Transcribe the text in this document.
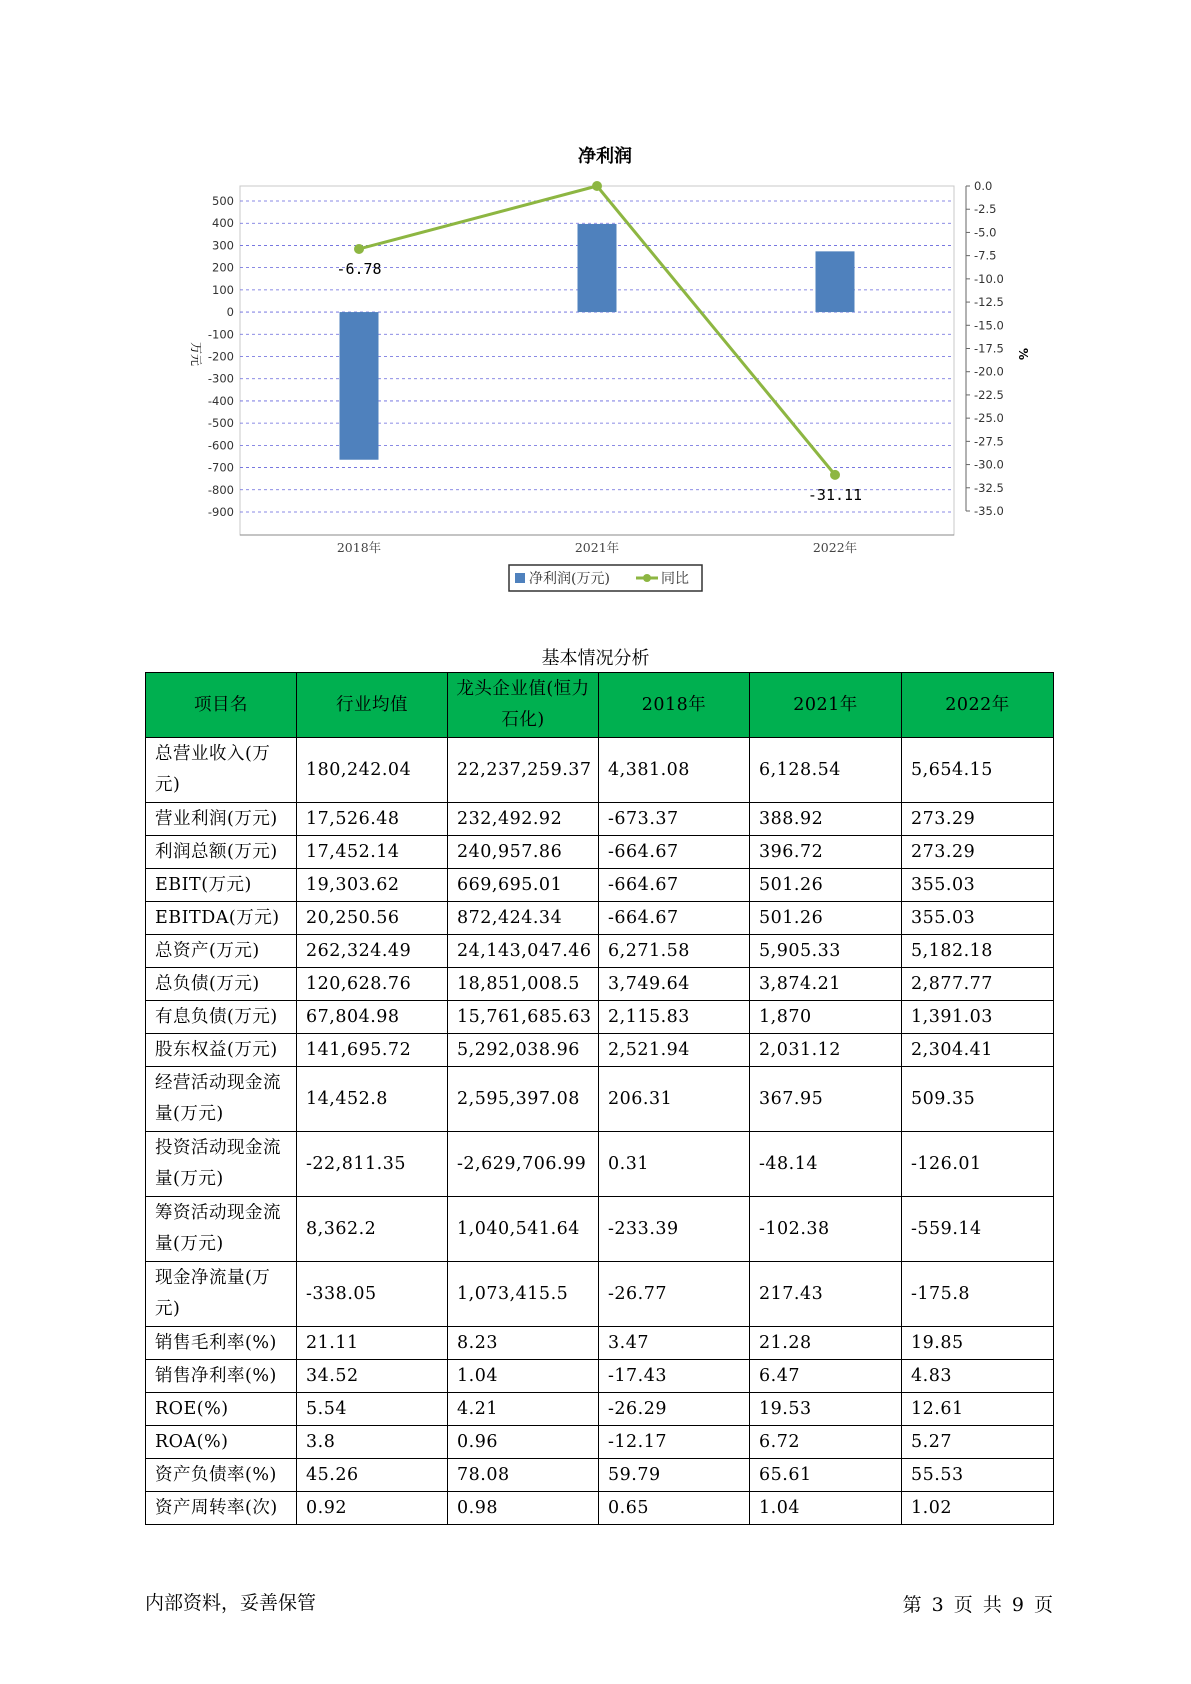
净利润
500
400
300
200
100
0
-100
-200
-300
-400
-500
-600
-700
-800
-900
0.0
-2.5
-5.0
-7.5
-10.0
-12.5
-15.0
-17.5
-20.0
-22.5
-25.0
-27.5
-30.0
-32.5
-35.0
万元	%
2018年	2021年	2022年
-6.78
-31.11
净利润(万元)	同比
基本情况分析
项目名	行业均值	龙头企业值(恒力石化)	2018年	2021年	2022年
总营业收入(万元)	180,242.04	22,237,259.37	4,381.08	6,128.54	5,654.15
营业利润(万元)	17,526.48	232,492.92	-673.37	388.92	273.29
利润总额(万元)	17,452.14	240,957.86	-664.67	396.72	273.29
EBIT(万元)	19,303.62	669,695.01	-664.67	501.26	355.03
EBITDA(万元)	20,250.56	872,424.34	-664.67	501.26	355.03
总资产(万元)	262,324.49	24,143,047.46	6,271.58	5,905.33	5,182.18
总负债(万元)	120,628.76	18,851,008.5	3,749.64	3,874.21	2,877.77
有息负债(万元)	67,804.98	15,761,685.63	2,115.83	1,870	1,391.03
股东权益(万元)	141,695.72	5,292,038.96	2,521.94	2,031.12	2,304.41
经营活动现金流量(万元)	14,452.8	2,595,397.08	206.31	367.95	509.35
投资活动现金流量(万元)	-22,811.35	-2,629,706.99	0.31	-48.14	-126.01
筹资活动现金流量(万元)	8,362.2	1,040,541.64	-233.39	-102.38	-559.14
现金净流量(万元)	-338.05	1,073,415.5	-26.77	217.43	-175.8
销售毛利率(%)	21.11	8.23	3.47	21.28	19.85
销售净利率(%)	34.52	1.04	-17.43	6.47	4.83
ROE(%)	5.54	4.21	-26.29	19.53	12.61
ROA(%)	3.8	0.96	-12.17	6.72	5.27
资产负债率(%)	45.26	78.08	59.79	65.61	55.53
资产周转率(次)	0.92	0.98	0.65	1.04	1.02
内部资料，妥善保管	第 3 页 共 9 页
